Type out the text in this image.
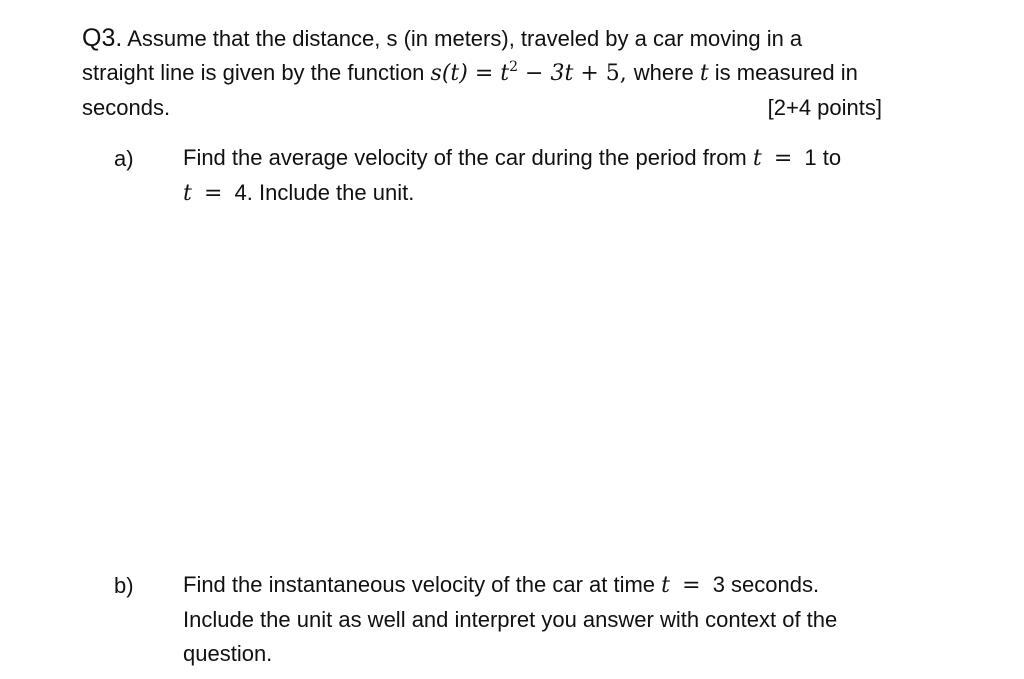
Q3. Assume that the distance, s (in meters), traveled by a car moving in a
straight line is given by the function $s(t) = t^2 - 3t + 5$, where t is measured in
seconds.	[2+4 points]
a) Find the average velocity of the car during the period from t = 1 to
t = 4. Include the unit.
b) Find the instantaneous velocity of the car at time t = 3 seconds.
Include the unit as well and interpret you answer with context of the
question.
